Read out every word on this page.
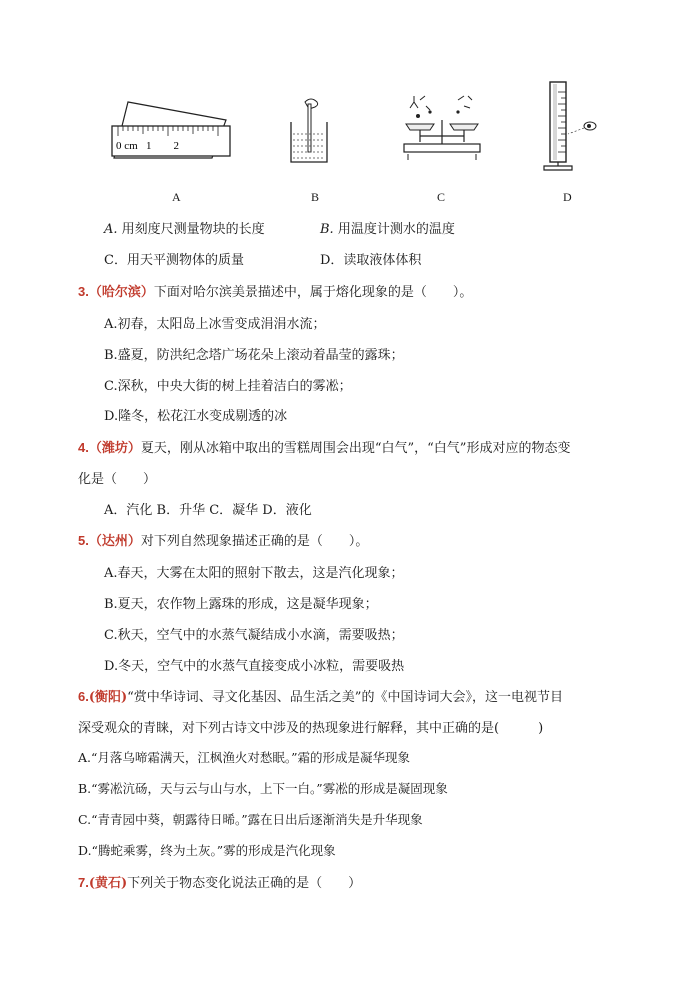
0 cm   1        2
A	B	C	D
A. 用刻度尺测量物块的长度	B. 用温度计测水的温度
C．用天平测物体的质量	D．读取液体体积
3.（哈尔滨）下面对哈尔滨美景描述中，属于熔化现象的是（　　）。
A.初春，太阳岛上冰雪变成涓涓水流；
B.盛夏，防洪纪念塔广场花朵上滚动着晶莹的露珠；
C.深秋，中央大街的树上挂着洁白的雾凇；
D.隆冬，松花江水变成剔透的冰
4.（潍坊）夏天，刚从冰箱中取出的雪糕周围会出现“白气”，“白气”形成对应的物态变
化是（　　）
A．汽化 B．升华 C．凝华 D．液化
5.（达州）对下列自然现象描述正确的是（　　）。
A.春天，大雾在太阳的照射下散去，这是汽化现象；
B.夏天，农作物上露珠的形成，这是凝华现象；
C.秋天，空气中的水蒸气凝结成小水滴，需要吸热；
D.冬天，空气中的水蒸气直接变成小冰粒，需要吸热
6.(衡阳)“赏中华诗词、寻文化基因、品生活之美”的《中国诗词大会》，这一电视节目
深受观众的青睐，对下列古诗文中涉及的热现象进行解释，其中正确的是(　　　)
A.“月落乌啼霜满天，江枫渔火对愁眠。”霜的形成是凝华现象
B.“雾凇沆砀，天与云与山与水，上下一白。”雾凇的形成是凝固现象
C.“青青园中葵，朝露待日晞。”露在日出后逐渐消失是升华现象
D.“腾蛇乘雾，终为土灰。”雾的形成是汽化现象
7.(黄石)下列关于物态变化说法正确的是（　　）
